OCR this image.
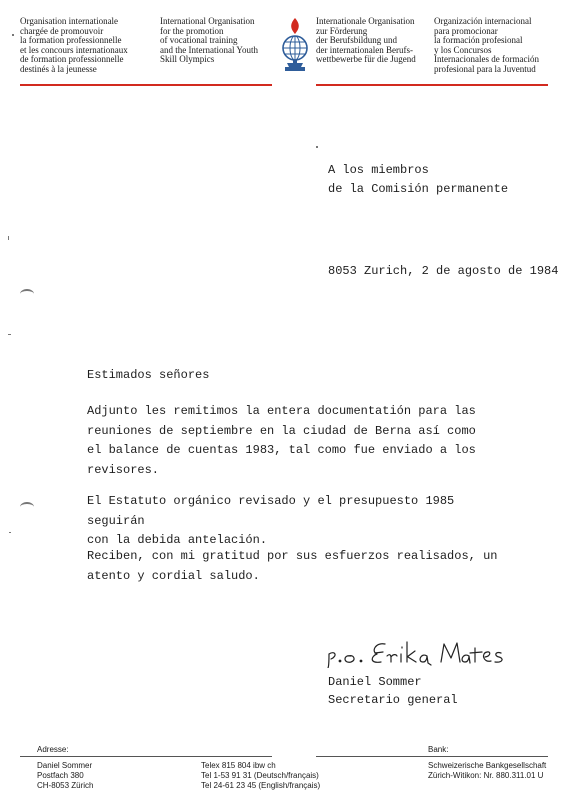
Organisation internationale
chargée de promouvoir
la formation professionnelle
et les concours internationaux
de formation professionnelle
destinés à la jeunesse
International Organisation
for the promotion
of vocational training
and the International Youth
Skill Olympics
Internationale Organisation
zur Förderung
der Berufsbildung und
der internationalen Berufs-
wettbewerbe für die Jugend
Organización internacional
para promocionar
la formación profesional
y los Concursos
Internacionales de formación
profesional para la Juventud
A los miembros
de la Comisión permanente
8053 Zurich, 2 de agosto de 1984
Estimados señores
Adjunto les remitimos la entera documentatión para las
reuniones de septiembre en la ciudad de Berna así como
el balance de cuentas 1983, tal como fue enviado a los
revisores.
El Estatuto orgánico revisado y el presupuesto 1985 seguirán
con la debida antelación.
Reciben, con mi gratitud por sus esfuerzos realisados, un
atento y cordial saludo.
Daniel Sommer
Secretario general
Adresse:	Bank:
Daniel Sommer
Postfach 380
CH-8053 Zürich
Telex 815 804 ibw ch
Tel 1-53 91 31 (Deutsch/français)
Tel 24-61 23 45 (English/français)
Schweizerische Bankgesellschaft
Zürich-Witikon: Nr. 880.311.01 U
